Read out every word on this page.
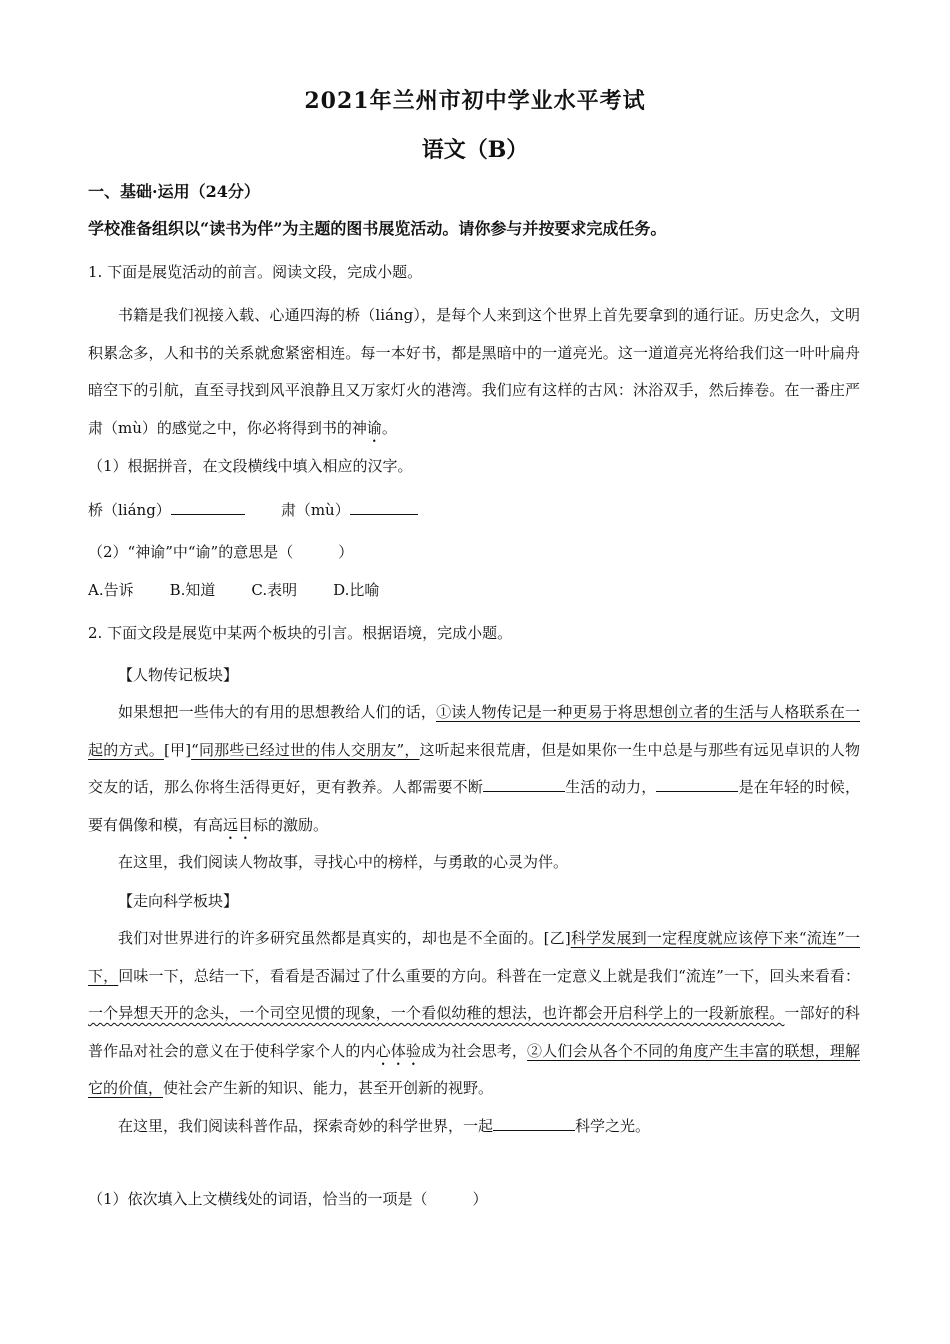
2021年兰州市初中学业水平考试
语文（B）
一、基础·运用（24分）
学校准备组织以“读书为伴”为主题的图书展览活动。请你参与并按要求完成任务。
1. 下面是展览活动的前言。阅读文段，完成小题。

书籍是我们视接入载、心通四海的桥（liáng），是每个人来到这个世界上首先要拿到的通行证。历史念久，文明积累念多，人和书的关系就愈紧密相连。每一本好书，都是黑暗中的一道亮光。这一道道亮光将给我们这一叶叶扁舟暗空下的引航，直至寻找到风平浪静且又万家灯火的港湾。我们应有这样的古风：沐浴双手，然后捧卷。在一番庄严肃（mù）的感觉之中，你必将得到书的神谕。

（1）根据拼音，在文段横线中填入相应的汉字。
桥（liáng）	肃（mù）
（2）“神谕”中“谕”的意思是（　　　）
A.告诉 B.知道 C.表明 D.比喻
2. 下面文段是展览中某两个板块的引言。根据语境，完成小题。
【人物传记板块】

如果想把一些伟大的有用的思想教给人们的话，①读人物传记是一种更易于将思想创立者的生活与人格联系在一起的方式。[甲]“同那些已经过世的伟人交朋友”，这听起来很荒唐，但是如果你一生中总是与那些有远见卓识的人物交友的话，那么你将生活得更好，更有教养。人都需要不断	生活的动力，	是在年轻的时候，要有偶像和模，有高远目标的激励。

在这里，我们阅读人物故事，寻找心中的榜样，与勇敢的心灵为伴。

【走向科学板块】

我们对世界进行的许多研究虽然都是真实的，却也是不全面的。[乙]科学发展到一定程度就应该停下来“流连”一下，回味一下，总结一下，看看是否漏过了什么重要的方向。科普在一定意义上就是我们“流连”一下，回头来看看：一个异想天开的念头，一个司空见惯的现象，一个看似幼稚的想法，也许都会开启科学上的一段新旅程。一部好的科普作品对社会的意义在于使科学家个人的内心体验成为社会思考，②人们会从各个不同的角度产生丰富的联想，理解它的价值，使社会产生新的知识、能力，甚至开创新的视野。

在这里，我们阅读科普作品，探索奇妙的科学世界，一起	科学之光。

（1）依次填入上文横线处的词语，恰当的一项是（　　　）
